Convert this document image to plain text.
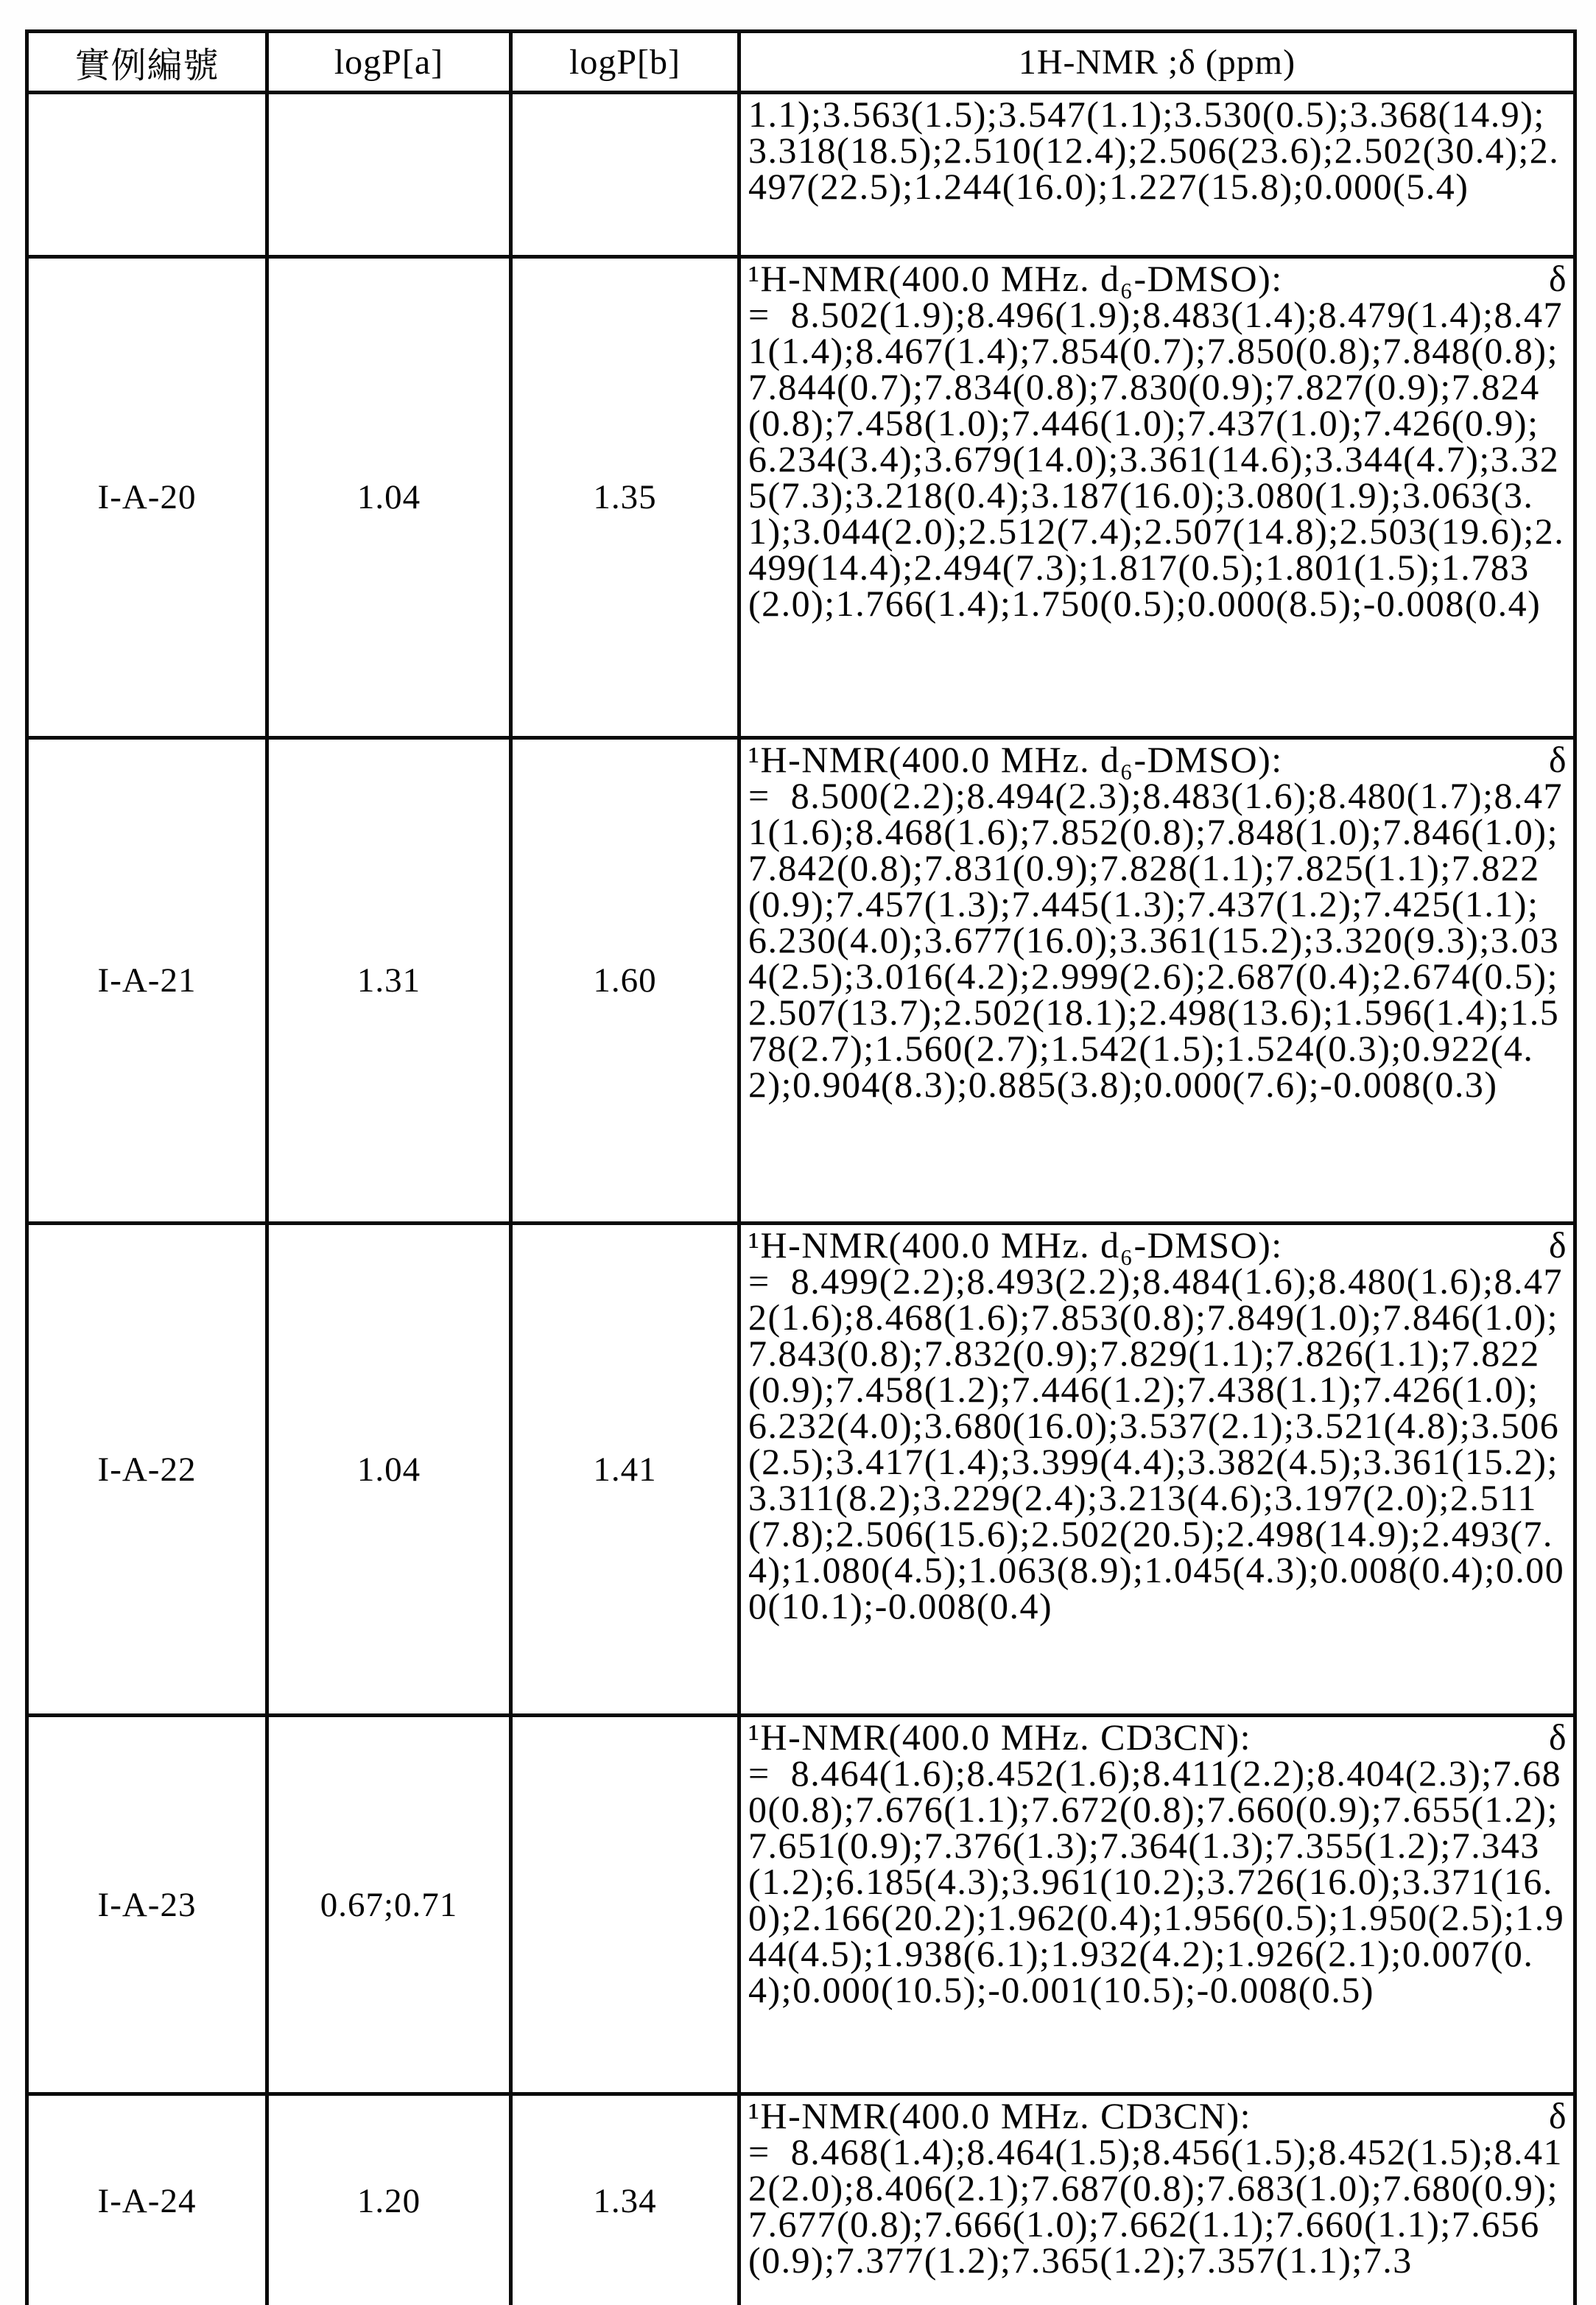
實例編號	logP[a]	logP[b]	1H-NMR ;δ (ppm)

			1.1);3.563(1.5);3.547(1.1);3.530(0.5);3.368(14.9);3.318(18.5);2.510(12.4);2.506(23.6);2.502(30.4);2.497(22.5);1.244(16.0);1.227(15.8);0.000(5.4)

I-A-20	1.04	1.35	¹H-NMR(400.0 MHz. d₆-DMSO): δ
=  8.502(1.9);8.496(1.9);8.483(1.4);8.479(1.4);8.471(1.4);8.467(1.4);7.854(0.7);7.850(0.8);7.848(0.8);7.844(0.7);7.834(0.8);7.830(0.9);7.827(0.9);7.824(0.8);7.458(1.0);7.446(1.0);7.437(1.0);7.426(0.9);6.234(3.4);3.679(14.0);3.361(14.6);3.344(4.7);3.325(7.3);3.218(0.4);3.187(16.0);3.080(1.9);3.063(3.1);3.044(2.0);2.512(7.4);2.507(14.8);2.503(19.6);2.499(14.4);2.494(7.3);1.817(0.5);1.801(1.5);1.783(2.0);1.766(1.4);1.750(0.5);0.000(8.5);-0.008(0.4)

I-A-21	1.31	1.60	¹H-NMR(400.0 MHz. d₆-DMSO): δ
=  8.500(2.2);8.494(2.3);8.483(1.6);8.480(1.7);8.471(1.6);8.468(1.6);7.852(0.8);7.848(1.0);7.846(1.0);7.842(0.8);7.831(0.9);7.828(1.1);7.825(1.1);7.822(0.9);7.457(1.3);7.445(1.3);7.437(1.2);7.425(1.1);6.230(4.0);3.677(16.0);3.361(15.2);3.320(9.3);3.034(2.5);3.016(4.2);2.999(2.6);2.687(0.4);2.674(0.5);2.507(13.7);2.502(18.1);2.498(13.6);1.596(1.4);1.578(2.7);1.560(2.7);1.542(1.5);1.524(0.3);0.922(4.2);0.904(8.3);0.885(3.8);0.000(7.6);-0.008(0.3)

I-A-22	1.04	1.41	¹H-NMR(400.0 MHz. d₆-DMSO): δ
=  8.499(2.2);8.493(2.2);8.484(1.6);8.480(1.6);8.472(1.6);8.468(1.6);7.853(0.8);7.849(1.0);7.846(1.0);7.843(0.8);7.832(0.9);7.829(1.1);7.826(1.1);7.822(0.9);7.458(1.2);7.446(1.2);7.438(1.1);7.426(1.0);6.232(4.0);3.680(16.0);3.537(2.1);3.521(4.8);3.506(2.5);3.417(1.4);3.399(4.4);3.382(4.5);3.361(15.2);3.311(8.2);3.229(2.4);3.213(4.6);3.197(2.0);2.511(7.8);2.506(15.6);2.502(20.5);2.498(14.9);2.493(7.4);1.080(4.5);1.063(8.9);1.045(4.3);0.008(0.4);0.000(10.1);-0.008(0.4)

I-A-23	0.67;0.71		¹H-NMR(400.0 MHz. CD3CN): δ
=  8.464(1.6);8.452(1.6);8.411(2.2);8.404(2.3);7.680(0.8);7.676(1.1);7.672(0.8);7.660(0.9);7.655(1.2);7.651(0.9);7.376(1.3);7.364(1.3);7.355(1.2);7.343(1.2);6.185(4.3);3.961(10.2);3.726(16.0);3.371(16.0);2.166(20.2);1.962(0.4);1.956(0.5);1.950(2.5);1.944(4.5);1.938(6.1);1.932(4.2);1.926(2.1);0.007(0.4);0.000(10.5);-0.001(10.5);-0.008(0.5)

I-A-24	1.20	1.34	¹H-NMR(400.0 MHz. CD3CN): δ
=  8.468(1.4);8.464(1.5);8.456(1.5);8.452(1.5);8.412(2.0);8.406(2.1);7.687(0.8);7.683(1.0);7.680(0.9);7.677(0.8);7.666(1.0);7.662(1.1);7.660(1.1);7.656(0.9);7.377(1.2);7.365(1.2);7.357(1.1);7.3
